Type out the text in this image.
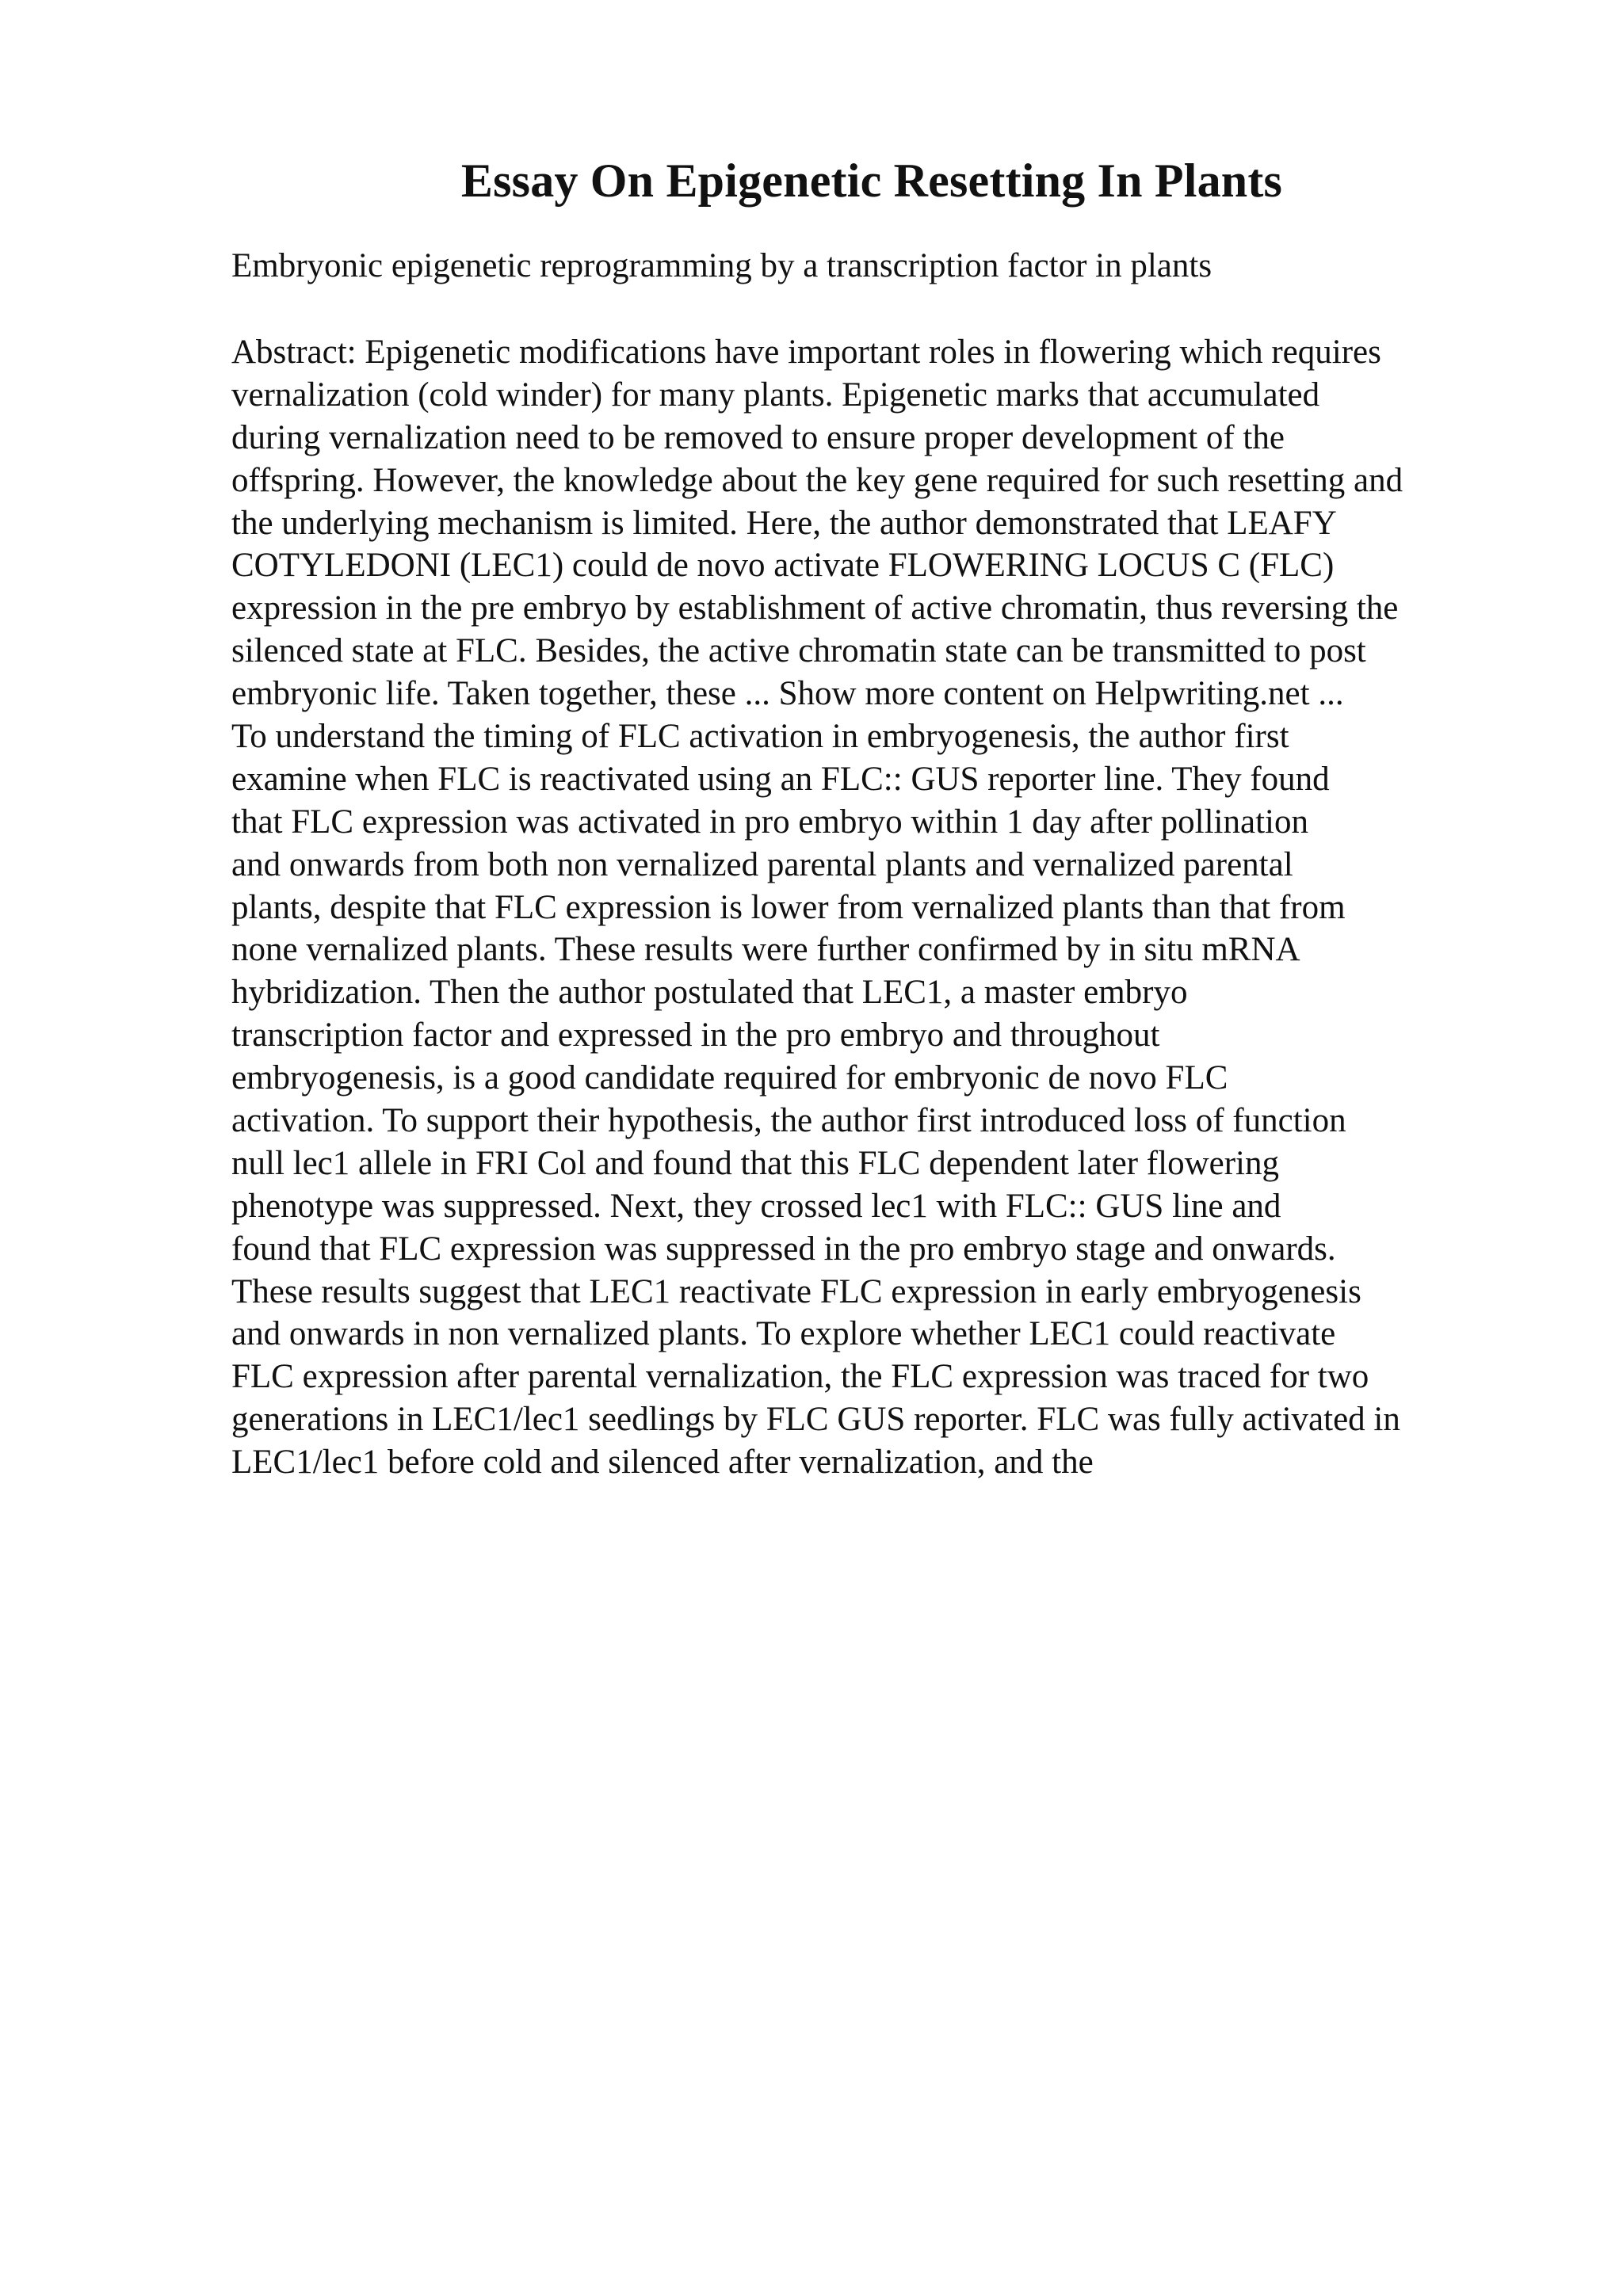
Essay On Epigenetic Resetting In Plants
Embryonic epigenetic reprogramming by a transcription factor in plants
Abstract: Epigenetic modifications have important roles in flowering which requires
vernalization (cold winder) for many plants. Epigenetic marks that accumulated
during vernalization need to be removed to ensure proper development of the
offspring. However, the knowledge about the key gene required for such resetting and
the underlying mechanism is limited. Here, the author demonstrated that LEAFY
COTYLEDONI (LEC1) could de novo activate FLOWERING LOCUS C (FLC)
expression in the pre embryo by establishment of active chromatin, thus reversing the
silenced state at FLC. Besides, the active chromatin state can be transmitted to post
embryonic life. Taken together, these ... Show more content on Helpwriting.net ...
To understand the timing of FLC activation in embryogenesis, the author first
examine when FLC is reactivated using an FLC:: GUS reporter line. They found
that FLC expression was activated in pro embryo within 1 day after pollination
and onwards from both non vernalized parental plants and vernalized parental
plants, despite that FLC expression is lower from vernalized plants than that from
none vernalized plants. These results were further confirmed by in situ mRNA
hybridization. Then the author postulated that LEC1, a master embryo
transcription factor and expressed in the pro embryo and throughout
embryogenesis, is a good candidate required for embryonic de novo FLC
activation. To support their hypothesis, the author first introduced loss of function
null lec1 allele in FRI Col and found that this FLC dependent later flowering
phenotype was suppressed. Next, they crossed lec1 with FLC:: GUS line and
found that FLC expression was suppressed in the pro embryo stage and onwards.
These results suggest that LEC1 reactivate FLC expression in early embryogenesis
and onwards in non vernalized plants. To explore whether LEC1 could reactivate
FLC expression after parental vernalization, the FLC expression was traced for two
generations in LEC1/lec1 seedlings by FLC GUS reporter. FLC was fully activated in
LEC1/lec1 before cold and silenced after vernalization, and the
